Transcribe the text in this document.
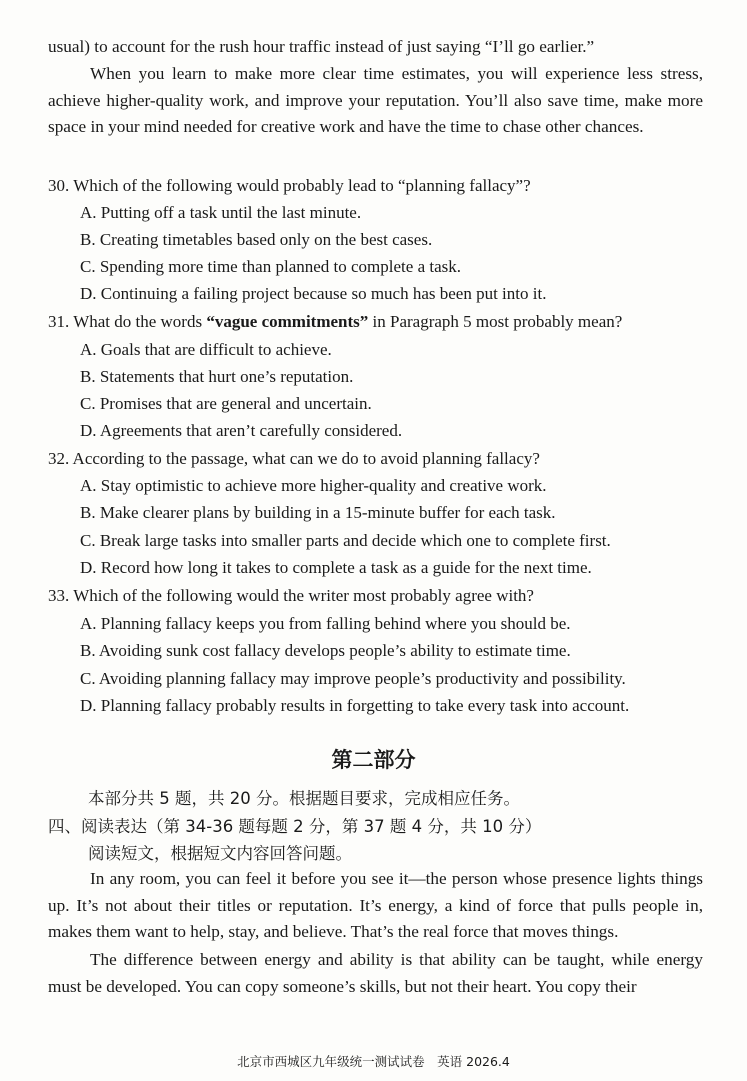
usual) to account for the rush hour traffic instead of just saying “I’ll go earlier.”

When you learn to make more clear time estimates, you will experience less stress, achieve higher-quality work, and improve your reputation. You’ll also save time, make more space in your mind needed for creative work and have the time to chase other chances.

30. Which of the following would probably lead to “planning fallacy”?

A. Putting off a task until the last minute.

B. Creating timetables based only on the best cases.

C. Spending more time than planned to complete a task.

D. Continuing a failing project because so much has been put into it.

31. What do the words “vague commitments” in Paragraph 5 most probably mean?

A. Goals that are difficult to achieve.

B. Statements that hurt one’s reputation.

C. Promises that are general and uncertain.

D. Agreements that aren’t carefully considered.

32. According to the passage, what can we do to avoid planning fallacy?

A. Stay optimistic to achieve more higher-quality and creative work.

B. Make clearer plans by building in a 15-minute buffer for each task.

C. Break large tasks into smaller parts and decide which one to complete first.

D. Record how long it takes to complete a task as a guide for the next time.

33. Which of the following would the writer most probably agree with?

A. Planning fallacy keeps you from falling behind where you should be.

B. Avoiding sunk cost fallacy develops people’s ability to estimate time.

C. Avoiding planning fallacy may improve people’s productivity and possibility.

D. Planning fallacy probably results in forgetting to take every task into account.

第二部分

本部分共 5 题，共 20 分。根据题目要求，完成相应任务。

四、阅读表达（第 34-36 题每题 2 分，第 37 题 4 分，共 10 分）

阅读短文，根据短文内容回答问题。

In any room, you can feel it before you see it—the person whose presence lights things up. It’s not about their titles or reputation. It’s energy, a kind of force that pulls people in, makes them want to help, stay, and believe. That’s the real force that moves things.

The difference between energy and ability is that ability can be taught, while energy must be developed. You can copy someone’s skills, but not their heart. You copy their

北京市西城区九年级统一测试试卷　英语 2026.4
